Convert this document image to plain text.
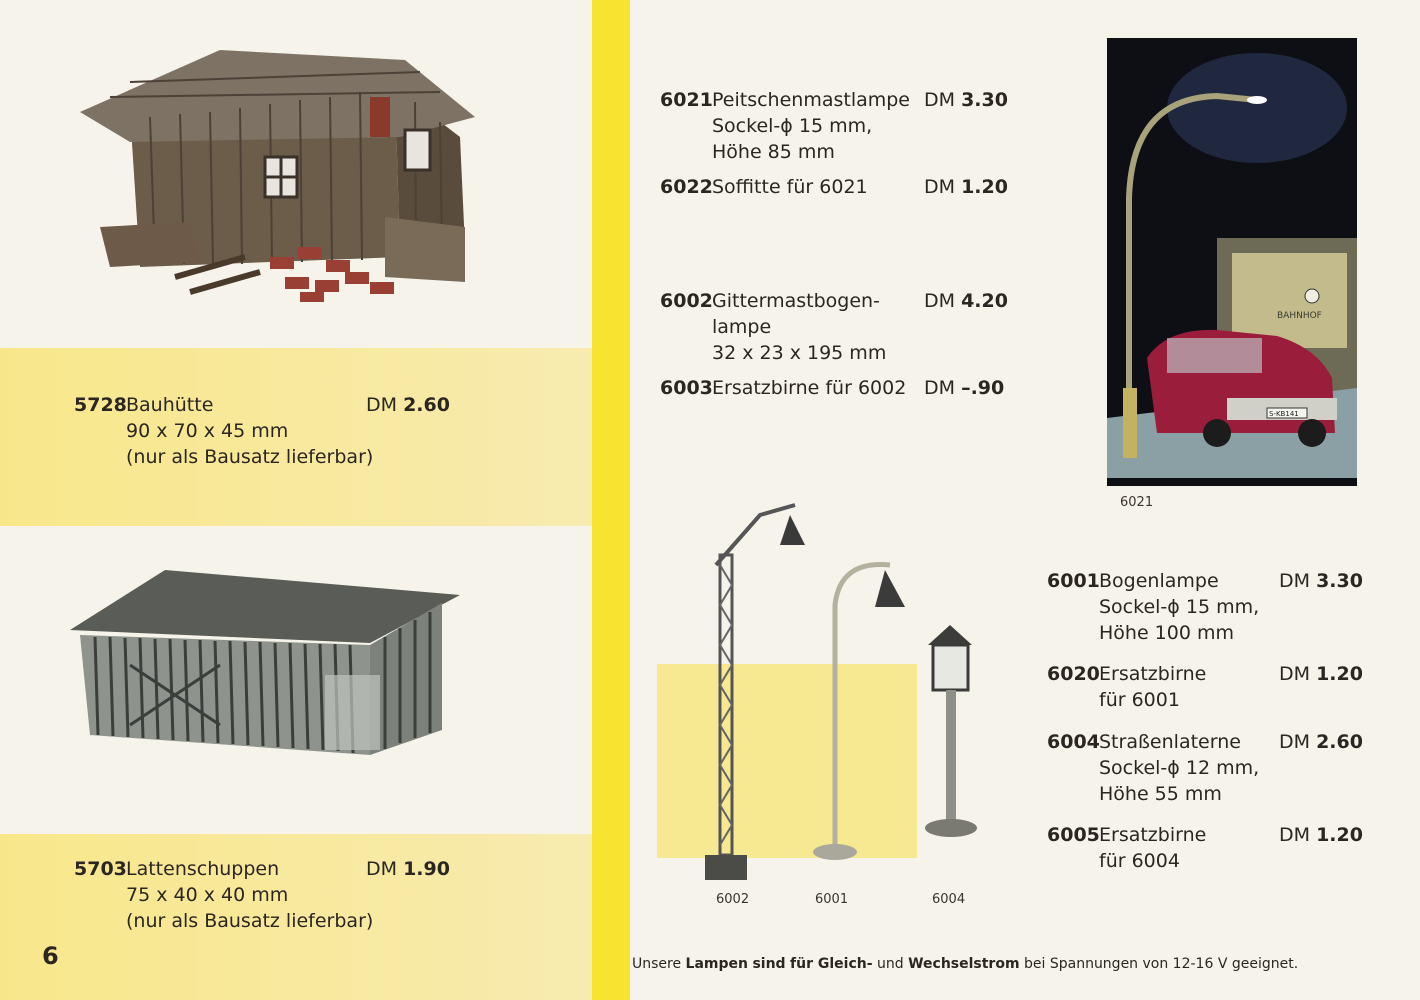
5728 Bauhütte
90 x 70 x 45 mm
(nur als Bausatz lieferbar)
DM 2.60
5703 Lattenschuppen
75 x 40 x 40 mm
(nur als Bausatz lieferbar)
DM 1.90
6
6021 Peitschenmastlampe
Sockel-ɸ 15 mm,
Höhe 85 mm
DM 3.30
6022 Soffitte für 6021	DM 1.20
6002 Gittermastbogen-
lampe
32 x 23 x 195 mm
DM 4.20
6003 Ersatzbirne für 6002 DM –.90
BAHNHOF
S-KB141
6021
6002	6001	6004
6001 Bogenlampe
Sockel-ɸ 15 mm,
Höhe 100 mm
DM 3.30
6020 Ersatzbirne
für 6001
DM 1.20
6004 Straßenlaterne
Sockel-ɸ 12 mm,
Höhe 55 mm
DM 2.60
6005 Ersatzbirne
für 6004
DM 1.20
Unsere Lampen sind für Gleich- und Wechselstrom bei Spannungen von 12-16 V geeignet.
